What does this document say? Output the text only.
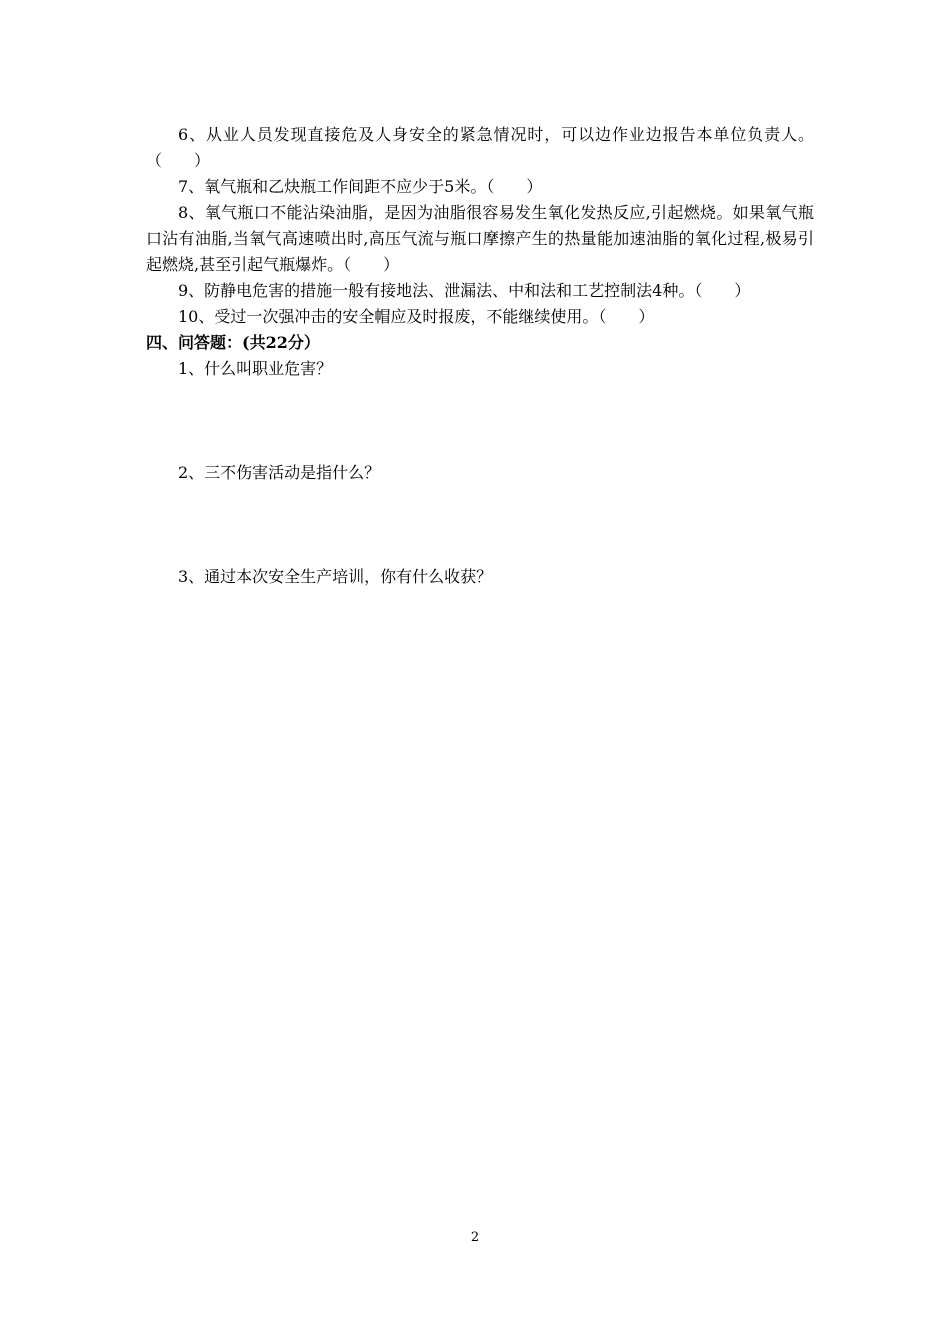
6、从业人员发现直接危及人身安全的紧急情况时，可以边作业边报告本单位负责人。（　　）

7、氧气瓶和乙炔瓶工作间距不应少于5米。（　　）

8、氧气瓶口不能沾染油脂，是因为油脂很容易发生氧化发热反应,引起燃烧。如果氧气瓶口沾有油脂,当氧气高速喷出时,高压气流与瓶口摩擦产生的热量能加速油脂的氧化过程,极易引起燃烧,甚至引起气瓶爆炸。（　　）

9、防静电危害的措施一般有接地法、泄漏法、中和法和工艺控制法4种。（　　）

10、受过一次强冲击的安全帽应及时报废，不能继续使用。（　　）

四、问答题：(共22分）

1、什么叫职业危害？

2、三不伤害活动是指什么？

3、通过本次安全生产培训，你有什么收获？

2
